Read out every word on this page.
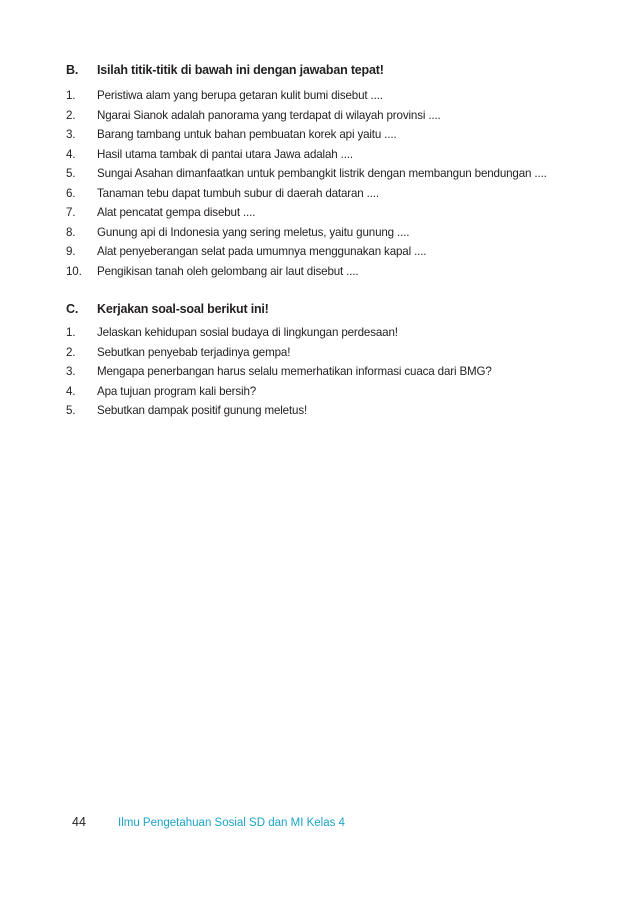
B.	Isilah titik-titik di bawah ini dengan jawaban tepat!
1.	Peristiwa alam yang berupa getaran kulit bumi disebut ....
2.	Ngarai Sianok adalah panorama yang terdapat di wilayah provinsi ....
3.	Barang tambang untuk bahan pembuatan korek api yaitu ....
4.	Hasil utama tambak di pantai utara Jawa adalah ....
5.	Sungai Asahan dimanfaatkan untuk pembangkit listrik dengan membangun bendungan ....
6.	Tanaman tebu dapat tumbuh subur di daerah dataran ....
7.	Alat pencatat gempa disebut ....
8.	Gunung api di Indonesia yang sering meletus, yaitu gunung ....
9.	Alat penyeberangan selat pada umumnya menggunakan kapal ....
10.	Pengikisan tanah oleh gelombang air laut disebut ....
C.	Kerjakan soal-soal berikut ini!
1.	Jelaskan kehidupan sosial budaya di lingkungan perdesaan!
2.	Sebutkan penyebab terjadinya gempa!
3.	Mengapa penerbangan harus selalu memerhatikan informasi cuaca dari BMG?
4.	Apa tujuan program kali bersih?
5.	Sebutkan dampak positif gunung meletus!
44	Ilmu Pengetahuan Sosial SD dan MI Kelas 4
